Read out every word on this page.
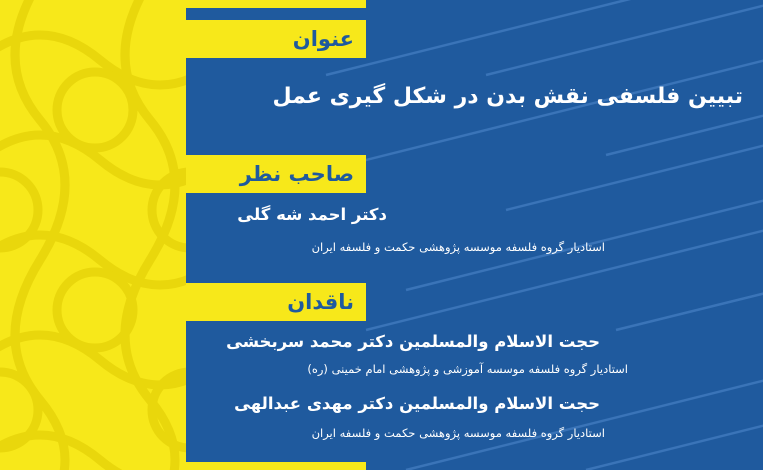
عنوان
تبیین فلسفی نقش بدن در شکل گیری عمل
صاحب نظر
دکتر احمد شه گلی
استادیار گروه فلسفه موسسه پژوهشی حکمت و فلسفه ایران
ناقدان
حجت الاسلام والمسلمین دکتر محمد سربخشی
استادیار گروه فلسفه موسسه آموزشی و پژوهشی امام خمینی (ره)
حجت الاسلام والمسلمین دکتر مهدی عبدالهی
استادیار گروه فلسفه موسسه پژوهشی حکمت و فلسفه ایران
